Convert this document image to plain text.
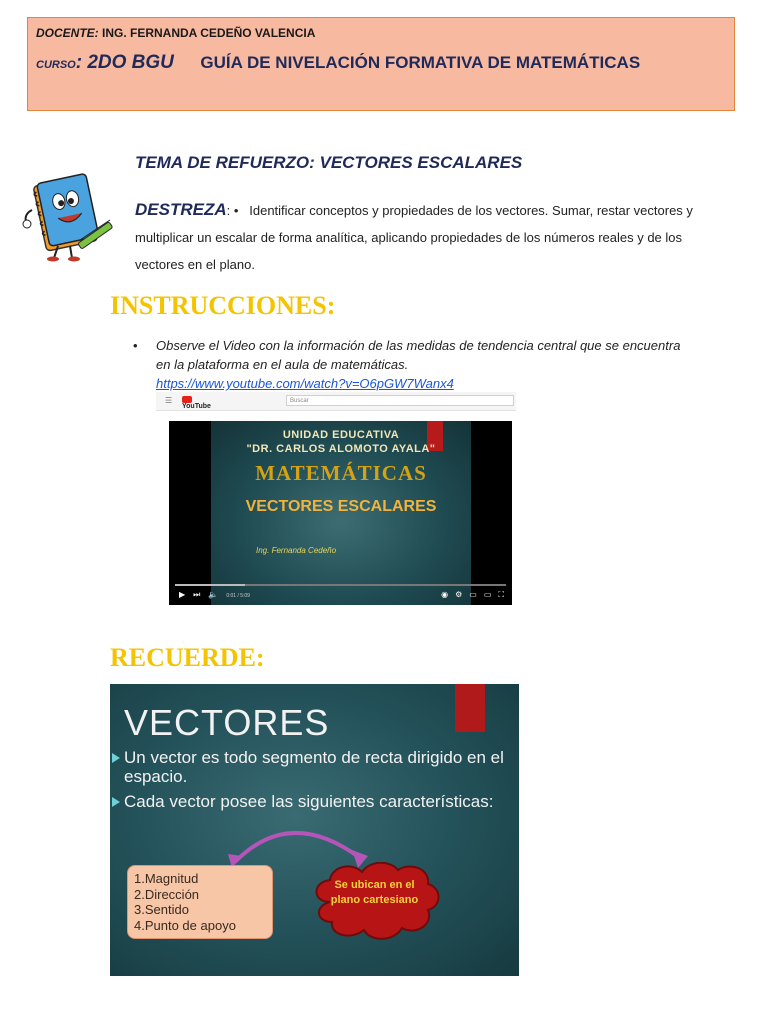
DOCENTE: ING. FERNANDA CEDEÑO VALENCIA
CURSO: 2DO BGU GUÍA DE NIVELACIÓN FORMATIVA DE MATEMÁTICAS
TEMA DE REFUERZO: VECTORES ESCALARES
DESTREZA: • Identificar conceptos y propiedades de los vectores. Sumar, restar vectores y multiplicar un escalar de forma analítica, aplicando propiedades de los números reales y de los vectores en el plano.
INSTRUCCIONES:
• Observe el Video con la información de las medidas de tendencia central que se encuentra en la plataforma en el aula de matemáticas.
https://www.youtube.com/watch?v=O6pGW7Wanx4
☰
YouTube
Buscar
UNIDAD EDUCATIVA
"DR. CARLOS ALOMOTO AYALA"
MATEMÁTICAS
VECTORES ESCALARES
Ing. Fernanda Cedeño
▶ ⏭ 🔈 0:01 / 5:09	◉ ⚙ ▭ ▭ ⛶
RECUERDE:
VECTORES
Un vector es todo segmento de recta dirigido en el espacio.
Cada vector posee las siguientes características:
1.Magnitud
2.Dirección
3.Sentido
4.Punto de apoyo
Se ubican en el plano cartesiano
